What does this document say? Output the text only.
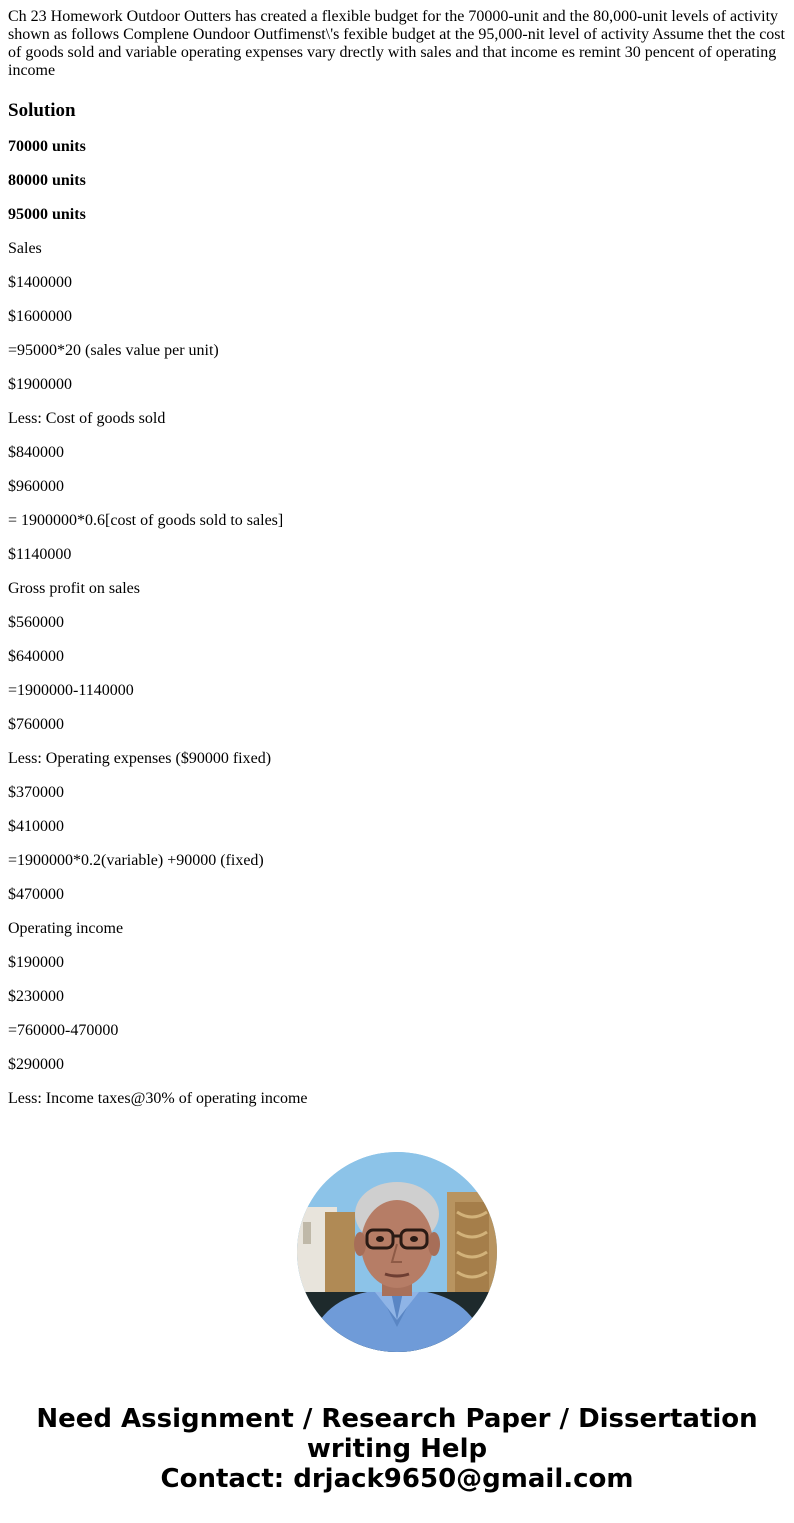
Ch 23 Homework Outdoor Outters has created a flexible budget for the 70000-unit and the 80,000-unit levels of activity shown as follows Complene Oundoor Outfimenst\'s fexible budget at the 95,000-nit level of activity Assume thet the cost of goods sold and variable operating expenses vary drectly with sales and that income es remint 30 pencent of operating income

Solution

70000 units

80000 units

95000 units

Sales

$1400000

$1600000

=95000*20 (sales value per unit)

$1900000

Less: Cost of goods sold

$840000

$960000

= 1900000*0.6[cost of goods sold to sales]

$1140000

Gross profit on sales

$560000

$640000

=1900000-1140000

$760000

Less: Operating expenses ($90000 fixed)

$370000

$410000

=1900000*0.2(variable) +90000 (fixed)

$470000

Operating income

$190000

$230000

=760000-470000

$290000

Less: Income taxes@30% of operating income

Need Assignment / Research Paper / Dissertation
writing Help
Contact: drjack9650@gmail.com
